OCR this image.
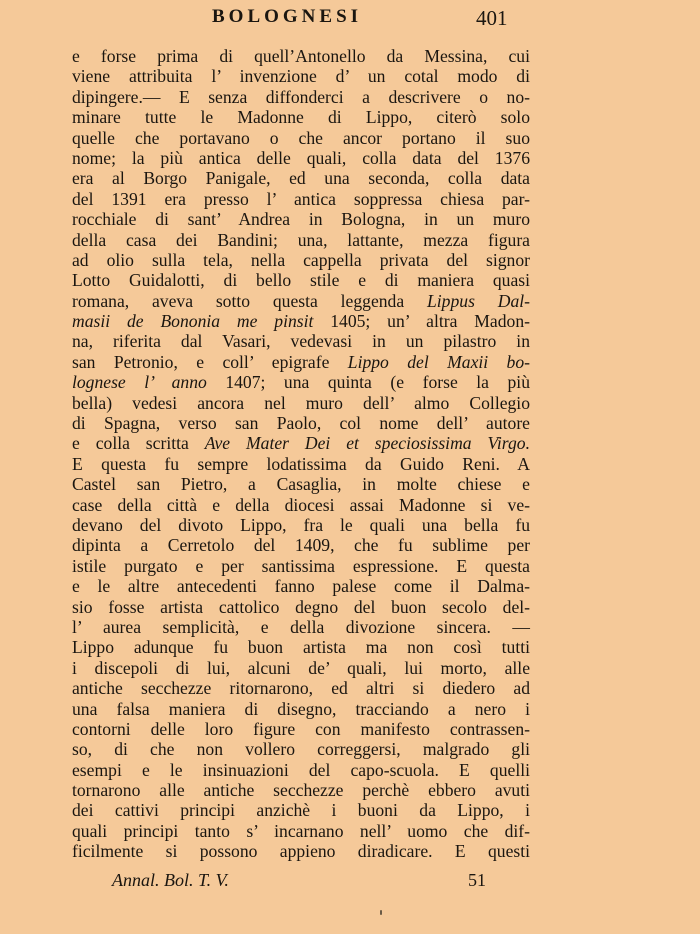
BOLOGNESI	401
e forse prima di quell’Antonello da Messina, cui
viene attribuita l’ invenzione d’ un cotal modo di
dipingere.— E senza diffonderci a descrivere o no-
minare tutte le Madonne di Lippo, citerò solo
quelle che portavano o che ancor portano il suo
nome; la più antica delle quali, colla data del 1376
era al Borgo Panigale, ed una seconda, colla data
del 1391 era presso l’ antica soppressa chiesa par-
rocchiale di sant’ Andrea in Bologna, in un muro
della casa dei Bandini; una, lattante, mezza figura
ad olio sulla tela, nella cappella privata del signor
Lotto Guidalotti, di bello stile e di maniera quasi
romana, aveva sotto questa leggenda Lippus Dal-
masii de Bononia me pinsit 1405; un’ altra Madon-
na, riferita dal Vasari, vedevasi in un pilastro in
san Petronio, e coll’ epigrafe Lippo del Maxii bo-
lognese l’ anno 1407; una quinta (e forse la più
bella) vedesi ancora nel muro dell’ almo Collegio
di Spagna, verso san Paolo, col nome dell’ autore
e colla scritta Ave Mater Dei et speciosissima Virgo.
E questa fu sempre lodatissima da Guido Reni. A
Castel san Pietro, a Casaglia, in molte chiese e
case della città e della diocesi assai Madonne si ve-
devano del divoto Lippo, fra le quali una bella fu
dipinta a Cerretolo del 1409, che fu sublime per
istile purgato e per santissima espressione. E questa
e le altre antecedenti fanno palese come il Dalma-
sio fosse artista cattolico degno del buon secolo del-
l’ aurea semplicità, e della divozione sincera. —
Lippo adunque fu buon artista ma non così tutti
i discepoli di lui, alcuni de’ quali, lui morto, alle
antiche secchezze ritornarono, ed altri si diedero ad
una falsa maniera di disegno, tracciando a nero i
contorni delle loro figure con manifesto contrassen-
so, di che non vollero correggersi, malgrado gli
esempi e le insinuazioni del capo-scuola. E quelli
tornarono alle antiche secchezze perchè ebbero avuti
dei cattivi principi anzichè i buoni da Lippo, i
quali principi tanto s’ incarnano nell’ uomo che dif-
ficilmente si possono appieno diradicare. E questi
Annal. Bol. T. V.	51
